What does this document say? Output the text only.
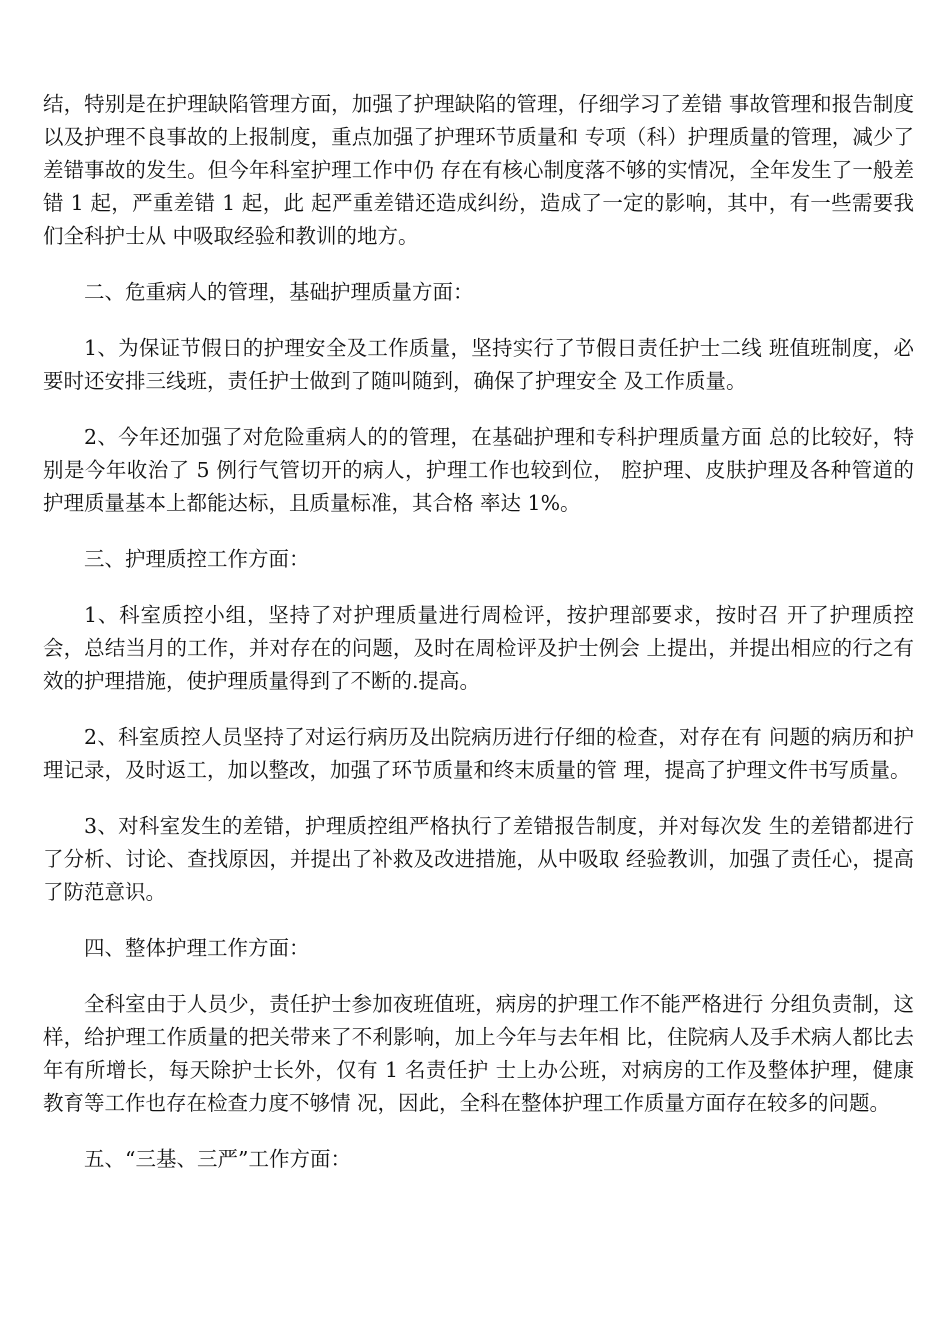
结，特别是在护理缺陷管理方面，加强了护理缺陷的管理，仔细学习了差错 事故管理和报告制度以及护理不良事故的上报制度，重点加强了护理环节质量和 专项（科）护理质量的管理，减少了差错事故的发生。但今年科室护理工作中仍 存在有核心制度落不够的实情况，全年发生了一般差错 1 起，严重差错 1 起，此 起严重差错还造成纠纷，造成了一定的影响，其中，有一些需要我们全科护士从 中吸取经验和教训的地方。

二、危重病人的管理，基础护理质量方面：

1、为保证节假日的护理安全及工作质量，坚持实行了节假日责任护士二线 班值班制度，必要时还安排三线班，责任护士做到了随叫随到，确保了护理安全 及工作质量。

2、今年还加强了对危险重病人的的管理，在基础护理和专科护理质量方面 总的比较好，特别是今年收治了 5 例行气管切开的病人，护理工作也较到位， 腔护理、皮肤护理及各种管道的护理质量基本上都能达标，且质量标准，其合格 率达 1%。

三、护理质控工作方面：

1、科室质控小组，坚持了对护理质量进行周检评，按护理部要求，按时召 开了护理质控会，总结当月的工作，并对存在的问题，及时在周检评及护士例会 上提出，并提出相应的行之有效的护理措施，使护理质量得到了不断的.提高。

2、科室质控人员坚持了对运行病历及出院病历进行仔细的检查，对存在有 问题的病历和护理记录，及时返工，加以整改，加强了环节质量和终末质量的管 理，提高了护理文件书写质量。

3、对科室发生的差错，护理质控组严格执行了差错报告制度，并对每次发 生的差错都进行了分析、讨论、查找原因，并提出了补救及改进措施，从中吸取 经验教训，加强了责任心，提高了防范意识。

四、整体护理工作方面：

全科室由于人员少，责任护士参加夜班值班，病房的护理工作不能严格进行 分组负责制，这样，给护理工作质量的把关带来了不利影响，加上今年与去年相 比，住院病人及手术病人都比去年有所增长，每天除护士长外，仅有 1 名责任护 士上办公班，对病房的工作及整体护理，健康教育等工作也存在检查力度不够情 况，因此，全科在整体护理工作质量方面存在较多的问题。

五、“三基、三严”工作方面：
